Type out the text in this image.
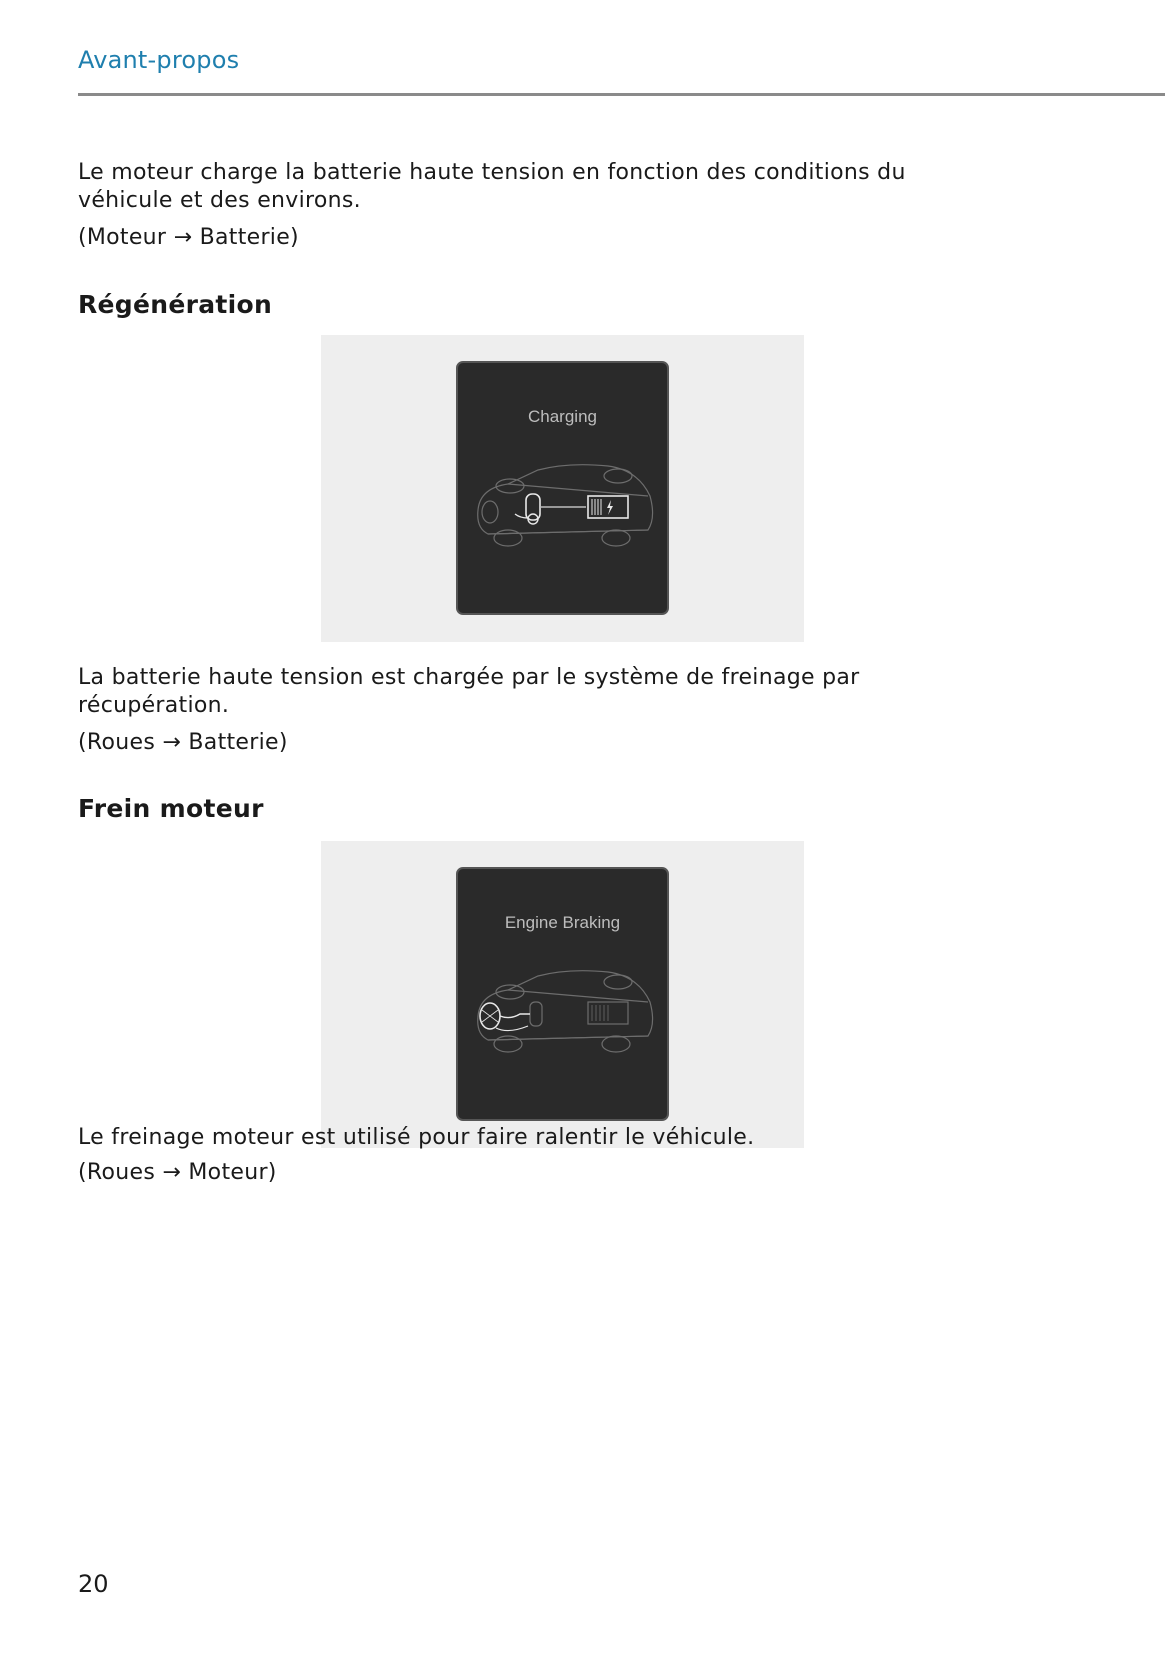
Avant-propos

Le moteur charge la batterie haute tension en fonction des conditions du
véhicule et des environs.

(Moteur → Batterie)
Régénération
Charging

La batterie haute tension est chargée par le système de freinage par
récupération.

(Roues → Batterie)
Frein moteur
Engine Braking

Le freinage moteur est utilisé pour faire ralentir le véhicule.

(Roues → Moteur)
20
